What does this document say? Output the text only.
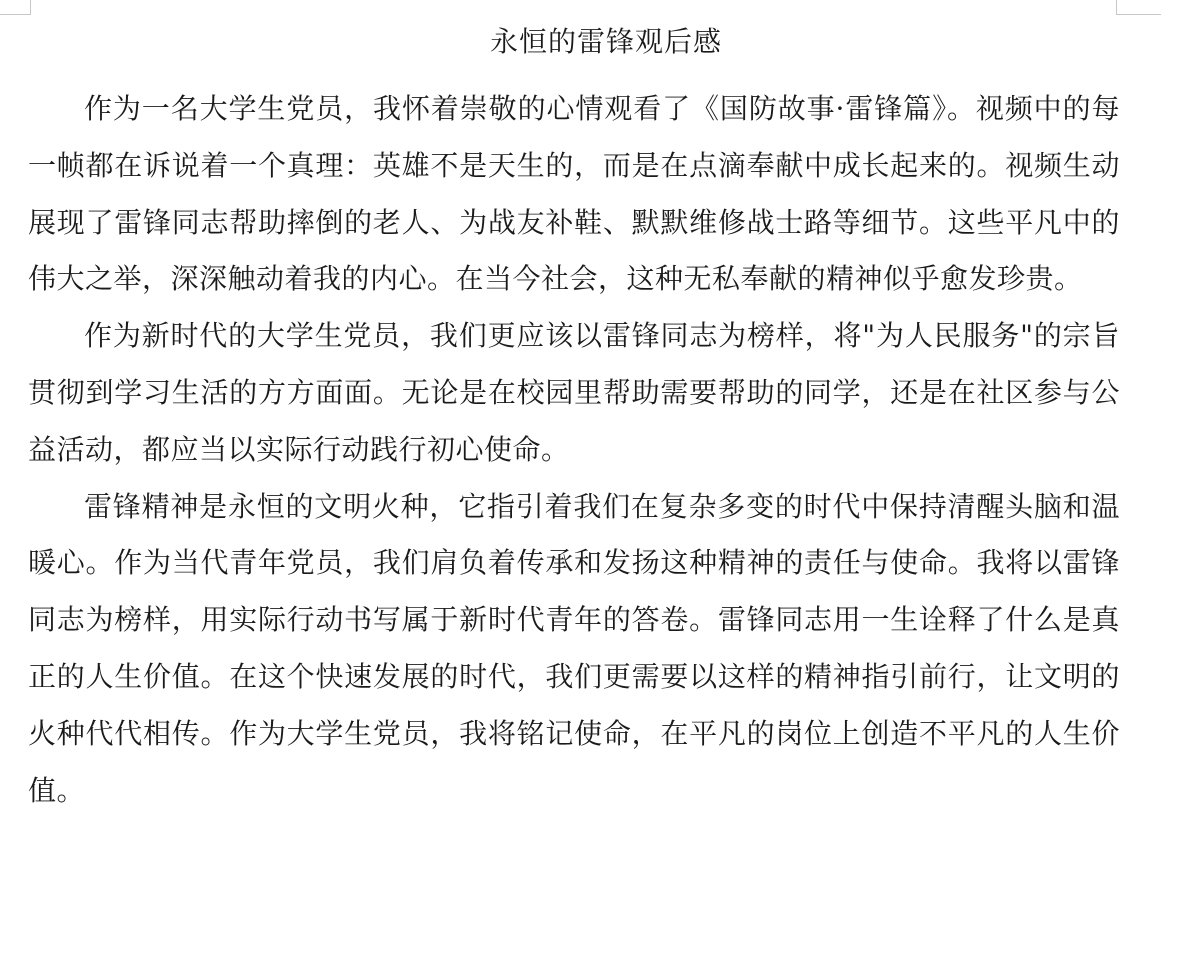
永恒的雷锋观后感

作为一名大学生党员，我怀着崇敬的心情观看了《国防故事·雷锋篇》。视频中的每一帧都在诉说着一个真理：英雄不是天生的，而是在点滴奉献中成长起来的。视频生动展现了雷锋同志帮助摔倒的老人、为战友补鞋、默默维修战士路等细节。这些平凡中的伟大之举，深深触动着我的内心。在当今社会，这种无私奉献的精神似乎愈发珍贵。

作为新时代的大学生党员，我们更应该以雷锋同志为榜样，将"为人民服务"的宗旨贯彻到学习生活的方方面面。无论是在校园里帮助需要帮助的同学，还是在社区参与公益活动，都应当以实际行动践行初心使命。

雷锋精神是永恒的文明火种，它指引着我们在复杂多变的时代中保持清醒头脑和温暖心。作为当代青年党员，我们肩负着传承和发扬这种精神的责任与使命。我将以雷锋同志为榜样，用实际行动书写属于新时代青年的答卷。雷锋同志用一生诠释了什么是真正的人生价值。在这个快速发展的时代，我们更需要以这样的精神指引前行，让文明的火种代代相传。作为大学生党员，我将铭记使命，在平凡的岗位上创造不平凡的人生价值。
